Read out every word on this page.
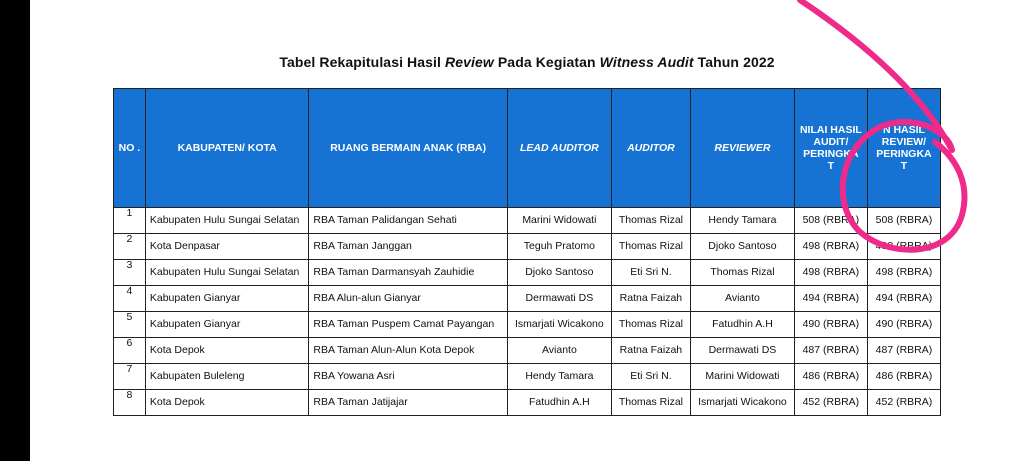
Tabel Rekapitulasi Hasil Review Pada Kegiatan Witness Audit Tahun 2022
NO .	KABUPATEN/ KOTA	RUANG BERMAIN ANAK (RBA)	LEAD AUDITOR	AUDITOR	REVIEWER	NILAI HASIL AUDIT/ PERINGKA T	N HASIL REVIEW/ PERINGKA T
1	Kabupaten Hulu Sungai Selatan	RBA Taman Palidangan Sehati	Marini Widowati	Thomas Rizal	Hendy Tamara	508 (RBRA)	508 (RBRA)
2	Kota Denpasar	RBA Taman Janggan	Teguh Pratomo	Thomas Rizal	Djoko Santoso	498 (RBRA)	498 (RBRA)
3	Kabupaten Hulu Sungai Selatan	RBA Taman Darmansyah Zauhidie	Djoko Santoso	Eti Sri N.	Thomas Rizal	498 (RBRA)	498 (RBRA)
4	Kabupaten Gianyar	RBA Alun-alun Gianyar	Dermawati DS	Ratna Faizah	Avianto	494 (RBRA)	494 (RBRA)
5	Kabupaten Gianyar	RBA Taman Puspem Camat Payangan	Ismarjati Wicakono	Thomas Rizal	Fatudhin A.H	490 (RBRA)	490 (RBRA)
6	Kota Depok	RBA Taman Alun-Alun Kota Depok	Avianto	Ratna Faizah	Dermawati DS	487 (RBRA)	487 (RBRA)
7	Kabupaten Buleleng	RBA Yowana Asri	Hendy Tamara	Eti Sri N.	Marini Widowati	486 (RBRA)	486 (RBRA)
8	Kota Depok	RBA Taman Jatijajar	Fatudhin A.H	Thomas Rizal	Ismarjati Wicakono	452 (RBRA)	452 (RBRA)
